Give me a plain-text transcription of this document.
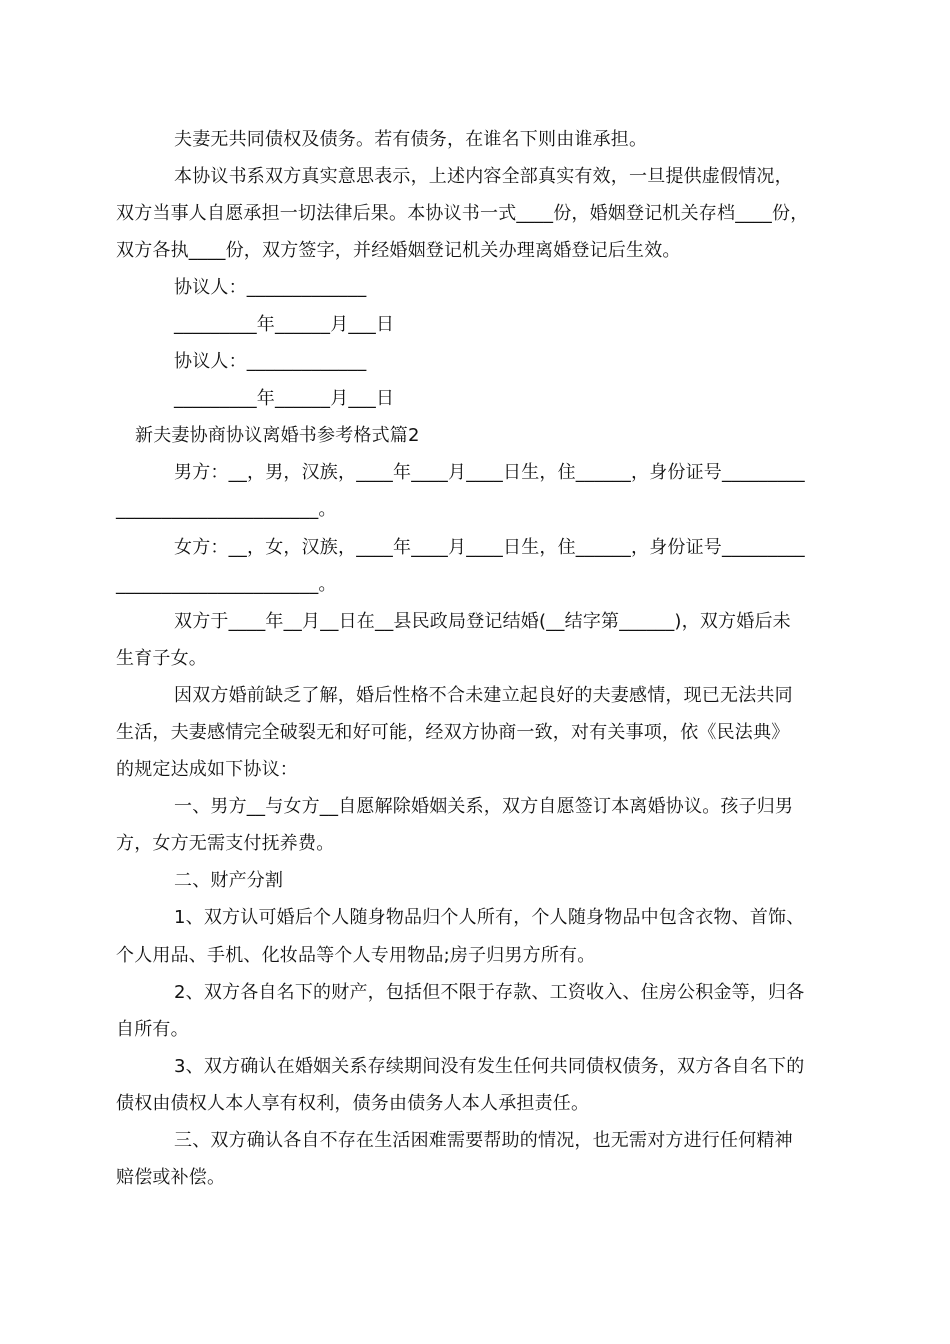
夫妻无共同债权及债务。若有债务，在谁名下则由谁承担。
本协议书系双方真实意思表示，上述内容全部真实有效，一旦提供虚假情况，
双方当事人自愿承担一切法律后果。本协议书一式____份，婚姻登记机关存档____份，
双方各执____份，双方签字，并经婚姻登记机关办理离婚登记后生效。
协议人：_____________
_________年______月___日
协议人：_____________
_________年______月___日
新夫妻协商协议离婚书参考格式篇2
男方：__，男，汉族，____年____月____日生，住______，身份证号_________
______________________。
女方：__，女，汉族，____年____月____日生，住______，身份证号_________
______________________。
双方于____年__月__日在__县民政局登记结婚(__结字第______)，双方婚后未
生育子女。
因双方婚前缺乏了解，婚后性格不合未建立起良好的夫妻感情，现已无法共同
生活，夫妻感情完全破裂无和好可能，经双方协商一致，对有关事项，依《民法典》
的规定达成如下协议：
一、男方__与女方__自愿解除婚姻关系，双方自愿签订本离婚协议。孩子归男
方，女方无需支付抚养费。
二、财产分割
1、双方认可婚后个人随身物品归个人所有，个人随身物品中包含衣物、首饰、
个人用品、手机、化妆品等个人专用物品;房子归男方所有。
2、双方各自名下的财产，包括但不限于存款、工资收入、住房公积金等，归各
自所有。
3、双方确认在婚姻关系存续期间没有发生任何共同债权债务，双方各自名下的
债权由债权人本人享有权利，债务由债务人本人承担责任。
三、双方确认各自不存在生活困难需要帮助的情况，也无需对方进行任何精神
赔偿或补偿。
